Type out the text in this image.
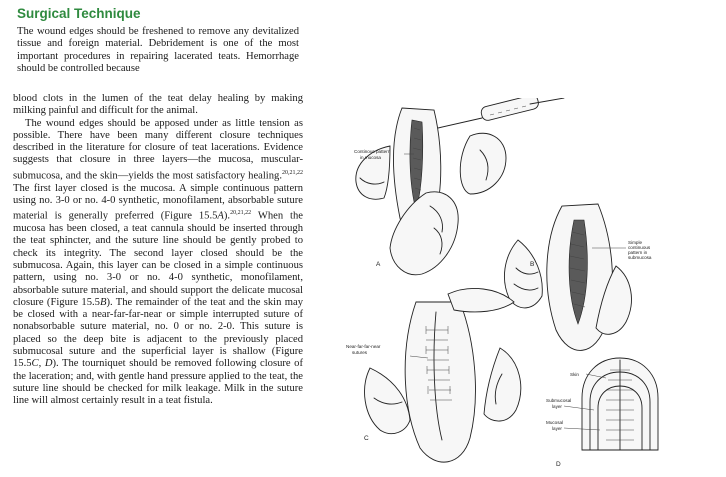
Surgical Technique

The wound edges should be freshened to remove any devitalized tissue and foreign material. Debridement is one of the most important procedures in repairing lacerated teats. Hemorrhage should be controlled because

blood clots in the lumen of the teat delay healing by making milking painful and difficult for the animal.

The wound edges should be apposed under as little tension as possible. There have been many different closure techniques described in the literature for closure of teat lacerations. Evidence suggests that closure in three layers—the mucosa, muscular-submucosa, and the skin—yields the most satisfactory healing.$^{20,21,22}$ The first layer closed is the mucosa. A simple continuous pattern using no. 3-0 or no. 4-0 synthetic, monofilament, absorbable suture material is generally preferred (Figure 15.5A).$^{20,21,22}$ When the mucosa has been closed, a teat cannula should be inserted through the teat sphincter, and the suture line should be gently probed to check its integrity. The second layer closed should be the submucosa. Again, this layer can be closed in a simple continuous pattern, using no. 3-0 or no. 4-0 synthetic, monofilament, absorbable suture material, and should support the delicate mucosal closure (Figure 15.5B). The remainder of the teat and the skin may be closed with a near-far-far-near or simple interrupted suture of nonabsorbable suture material, no. 0 or no. 2-0. This suture is placed so the deep bite is adjacent to the previously placed submucosal suture and the superficial layer is shallow (Figure 15.5C, D). The tourniquet should be removed following closure of the laceration; and, with gentle hand pressure applied to the teat, the suture line should be checked for milk leakage. Milk in the suture line will almost certainly result in a teat fistula.

Continous pattern
in mucosa
A
Simple
continuous
pattern in
submucosa
B
Near-far-far-near
sutures
C
Skin
Submucosal
layer
Mucosal
layer
D
